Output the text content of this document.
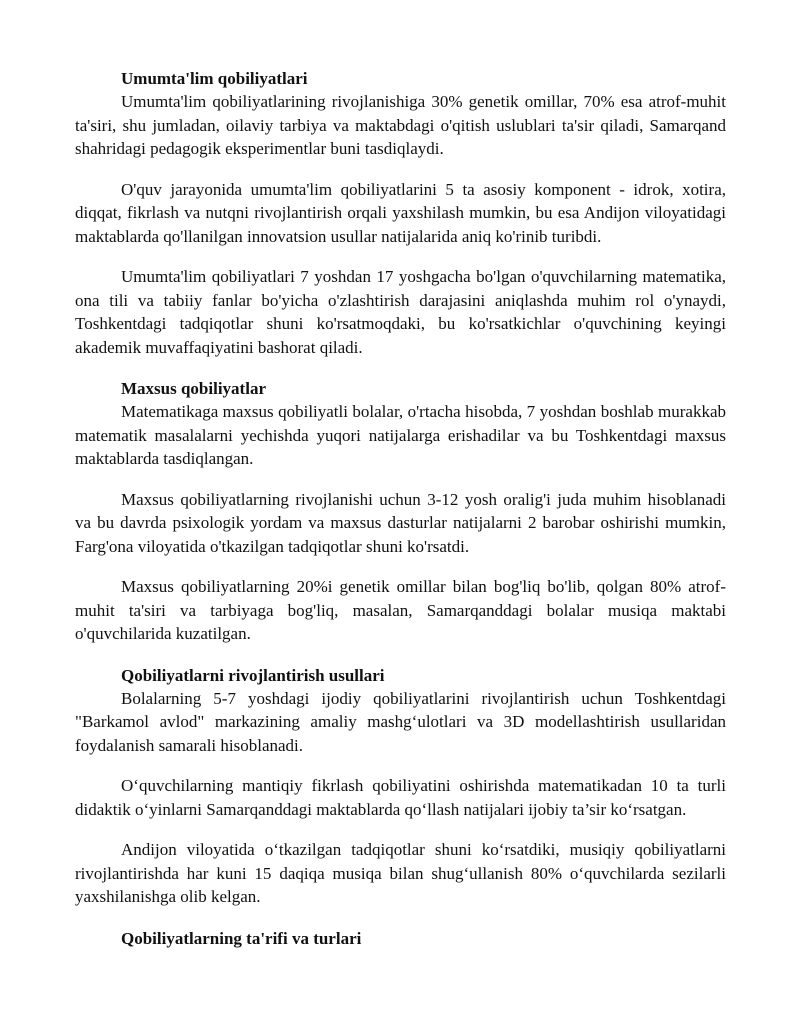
Umumta'lim qobiliyatlari

Umumta'lim qobiliyatlarining rivojlanishiga 30% genetik omillar, 70% esa atrof-muhit ta'siri, shu jumladan, oilaviy tarbiya va maktabdagi o'qitish uslublari ta'sir qiladi, Samarqand shahridagi pedagogik eksperimentlar buni tasdiqlaydi.

O'quv jarayonida umumta'lim qobiliyatlarini 5 ta asosiy komponent - idrok, xotira, diqqat, fikrlash va nutqni rivojlantirish orqali yaxshilash mumkin, bu esa Andijon viloyatidagi maktablarda qo'llanilgan innovatsion usullar natijalarida aniq ko'rinib turibdi.

Umumta'lim qobiliyatlari 7 yoshdan 17 yoshgacha bo'lgan o'quvchilarning matematika, ona tili va tabiiy fanlar bo'yicha o'zlashtirish darajasini aniqlashda muhim rol o'ynaydi, Toshkentdagi tadqiqotlar shuni ko'rsatmoqdaki, bu ko'rsatkichlar o'quvchining keyingi akademik muvaffaqiyatini bashorat qiladi.

Maxsus qobiliyatlar

Matematikaga maxsus qobiliyatli bolalar, o'rtacha hisobda, 7 yoshdan boshlab murakkab matematik masalalarni yechishda yuqori natijalarga erishadilar va bu Toshkentdagi maxsus maktablarda tasdiqlangan.

Maxsus qobiliyatlarning rivojlanishi uchun 3-12 yosh oralig'i juda muhim hisoblanadi va bu davrda psixologik yordam va maxsus dasturlar natijalarni 2 barobar oshirishi mumkin, Farg'ona viloyatida o'tkazilgan tadqiqotlar shuni ko'rsatdi.

Maxsus qobiliyatlarning 20%i genetik omillar bilan bog'liq bo'lib, qolgan 80% atrof-muhit ta'siri va tarbiyaga bog'liq, masalan, Samarqanddagi bolalar musiqa maktabi o'quvchilarida kuzatilgan.

Qobiliyatlarni rivojlantirish usullari

Bolalarning 5-7 yoshdagi ijodiy qobiliyatlarini rivojlantirish uchun Toshkentdagi "Barkamol avlod" markazining amaliy mashg‘ulotlari va 3D modellashtirish usullaridan foydalanish samarali hisoblanadi.

O‘quvchilarning mantiqiy fikrlash qobiliyatini oshirishda matematikadan 10 ta turli didaktik o‘yinlarni Samarqanddagi maktablarda qo‘llash natijalari ijobiy ta’sir ko‘rsatgan.

Andijon viloyatida o‘tkazilgan tadqiqotlar shuni ko‘rsatdiki, musiqiy qobiliyatlarni rivojlantirishda har kuni 15 daqiqa musiqa bilan shug‘ullanish 80% o‘quvchilarda sezilarli yaxshilanishga olib kelgan.

Qobiliyatlarning ta'rifi va turlari
